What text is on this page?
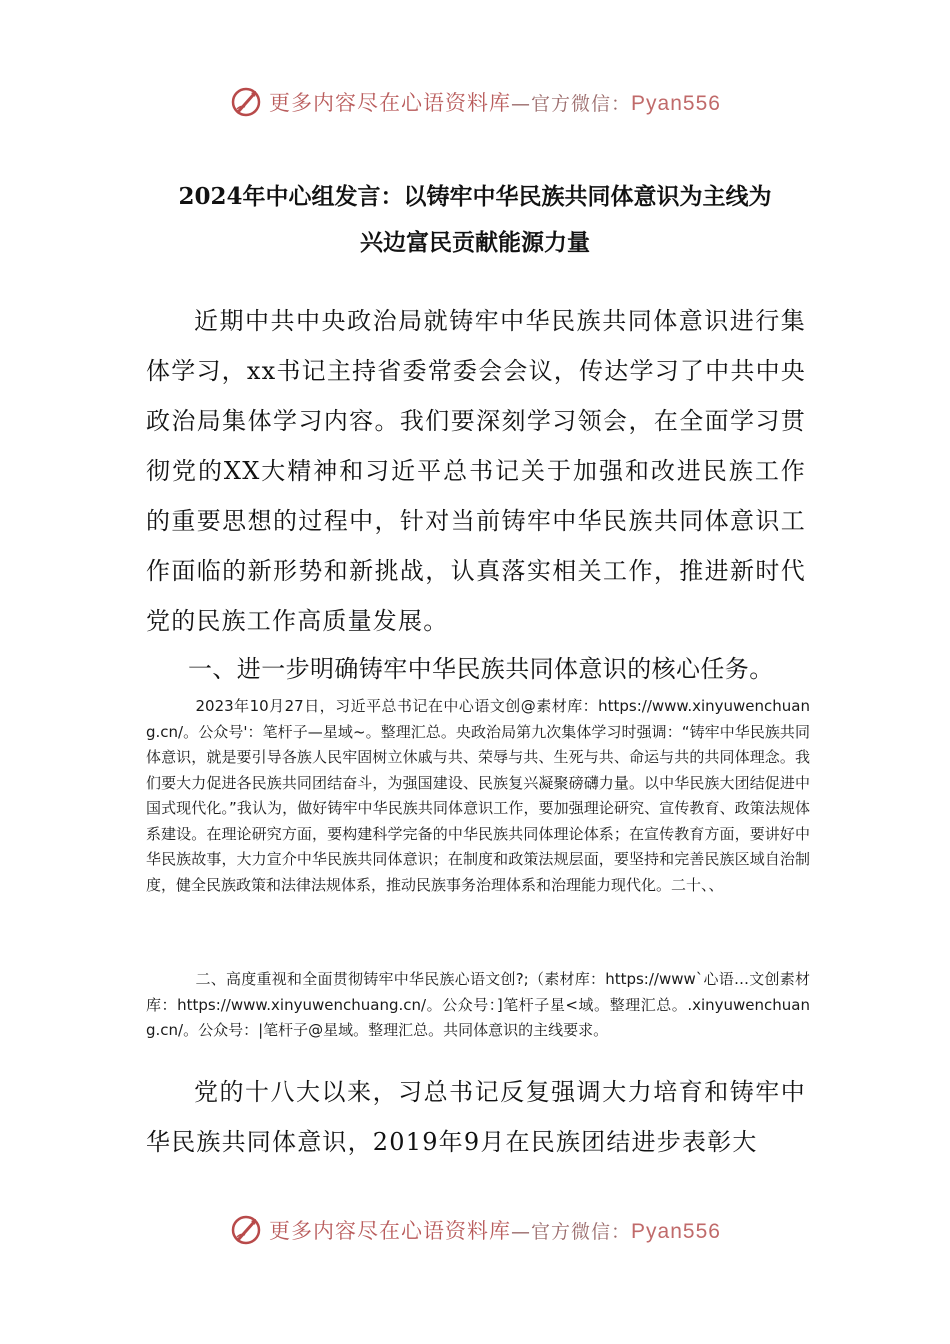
更多内容尽在心语资料库—官方微信：Pyan556
2024年中心组发言：以铸牢中华民族共同体意识为主线为
兴边富民贡献能源力量

近期中共中央政治局就铸牢中华民族共同体意识进行集体学习，xx书记主持省委常委会会议，传达学习了中共中央政治局集体学习内容。我们要深刻学习领会，在全面学习贯彻党的XX大精神和习近平总书记关于加强和改进民族工作的重要思想的过程中，针对当前铸牢中华民族共同体意识工作面临的新形势和新挑战，认真落实相关工作，推进新时代党的民族工作高质量发展。

一、进一步明确铸牢中华民族共同体意识的核心任务。

2023年10月27日，习近平总书记在中心语文创@素材库：https://www.xinyuwenchuang.cn/。公众号'：笔杆子—星域~。整理汇总。央政治局第九次集体学习时强调：“铸牢中华民族共同体意识，就是要引导各族人民牢固树立休戚与共、荣辱与共、生死与共、命运与共的共同体理念。我们要大力促进各民族共同团结奋斗，为强国建设、民族复兴凝聚磅礴力量。以中华民族大团结促进中国式现代化。”我认为，做好铸牢中华民族共同体意识工作，要加强理论研究、宣传教育、政策法规体系建设。在理论研究方面，要构建科学完备的中华民族共同体理论体系；在宣传教育方面，要讲好中华民族故事，大力宣介中华民族共同体意识；在制度和政策法规层面，要坚持和完善民族区域自治制度，健全民族政策和法律法规体系，推动民族事务治理体系和治理能力现代化。二十、、

二、高度重视和全面贯彻铸牢中华民族心语文创?;（素材库：https://www`心语…文创素材库：https://www.xinyuwenchuang.cn/。公众号：]笔杆子星<域。整理汇总。.xinyuwenchuang.cn/。公众号：|笔杆子@星域。整理汇总。共同体意识的主线要求。

党的十八大以来，习总书记反复强调大力培育和铸牢中华民族共同体意识，2019年9月在民族团结进步表彰大

更多内容尽在心语资料库—官方微信：Pyan556
